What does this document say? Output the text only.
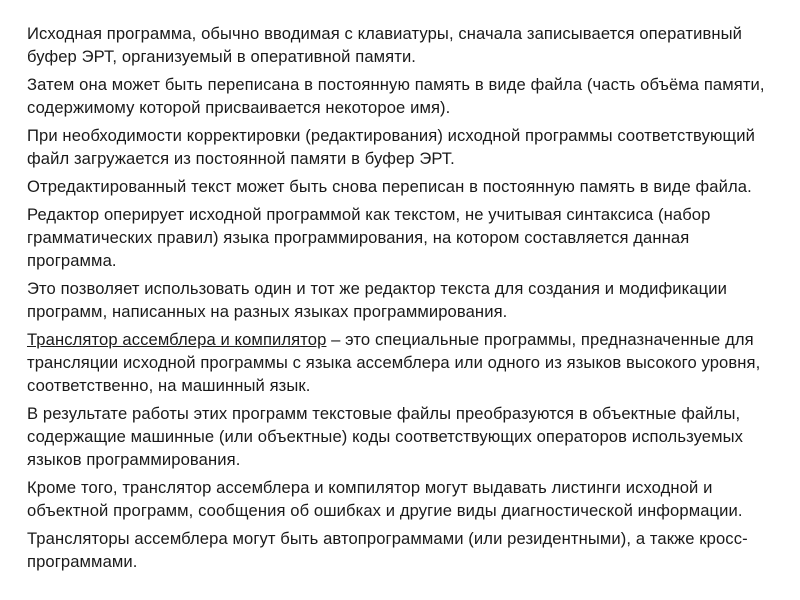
Исходная программа, обычно вводимая с клавиатуры, сначала записывается оперативный буфер ЭРТ, организуемый в оперативной памяти.

Затем она может быть переписана в постоянную память в виде файла (часть объёма памяти, содержимому которой присваивается некоторое имя).

При необходимости корректировки (редактирования) исходной программы соответствующий файл загружается из постоянной памяти в буфер ЭРТ.

Отредактированный текст может быть снова переписан в постоянную память в виде файла.

Редактор оперирует исходной программой как текстом, не учитывая синтаксиса (набор грамматических правил) языка программирования, на котором составляется данная программа.

Это позволяет использовать один и тот же редактор текста для создания и модификации программ, написанных на разных языках программирования.

Транслятор ассемблера и компилятор – это специальные программы, предназначенные для трансляции исходной программы с языка ассемблера или одного из языков высокого уровня, соответственно, на машинный язык.

В результате работы этих программ текстовые файлы преобразуются в объектные файлы, содержащие машинные (или объектные) коды соответствующих операторов используемых языков программирования.

Кроме того, транслятор ассемблера и компилятор могут выдавать листинги исходной и объектной программ, сообщения об ошибках и другие виды диагностической информации.

Трансляторы ассемблера могут быть автопрограммами (или резидентными), а также кросс-программами.
